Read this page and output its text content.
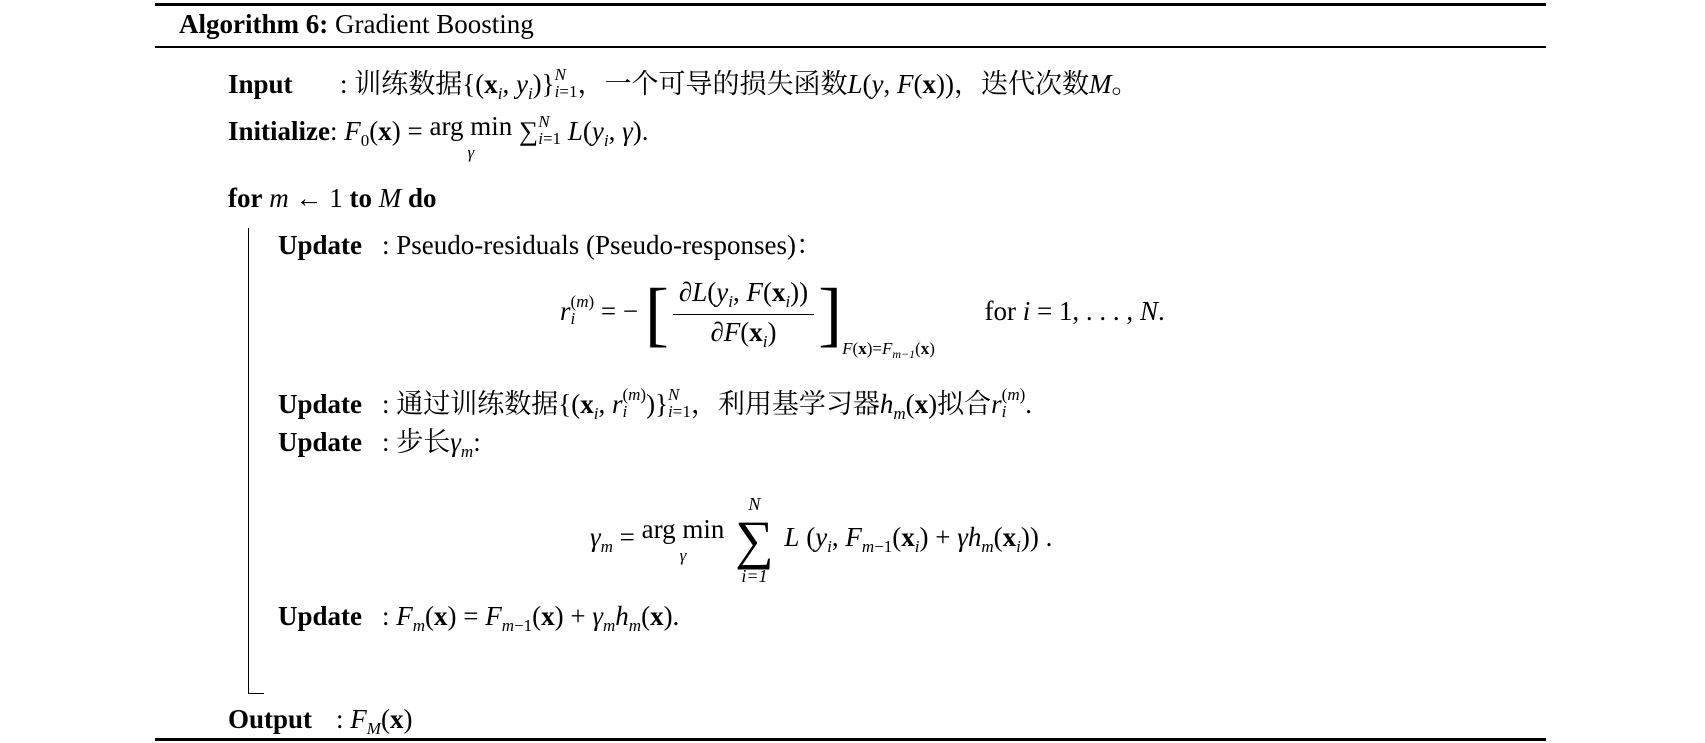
Algorithm 6: Gradient Boosting
Input : 训练数据{($x_i$, $y_i$)} N
i=1 ，一个可导的损失函数L(y, F(x))，迭代次数M。
Initialize: $F_0(x)$ = arg min
γ
∑ N
i=1 $L(y_i$, γ).
for m ← 1 to M do
Update : Pseudo-residuals (Pseudo-responses)：
r (m)
i = − [ $\frac{\partial L(y_i, F(x_i))}{\partial F(x_i)} ]_{F(x)=Fm-1(x)}$  for i = 1, . . . , N.
Update : 通过训练数据{($x_i$, r (m)
i )} N
i=1 ，利用基学习器$h_m(x)$拟合r (m)
i .
Update : 步长$\gamma_m$:
$\gamma_m$ = arg min
γ

N
∑
i=1
L ($y_i$, $F_{m-1}(x_i) + \gamma h_m(x_i)$) .
Update : $F_m(x) = F_{m-1}(x) + \gamma_mh_m(x)$.
Output : $F_M(x)$
